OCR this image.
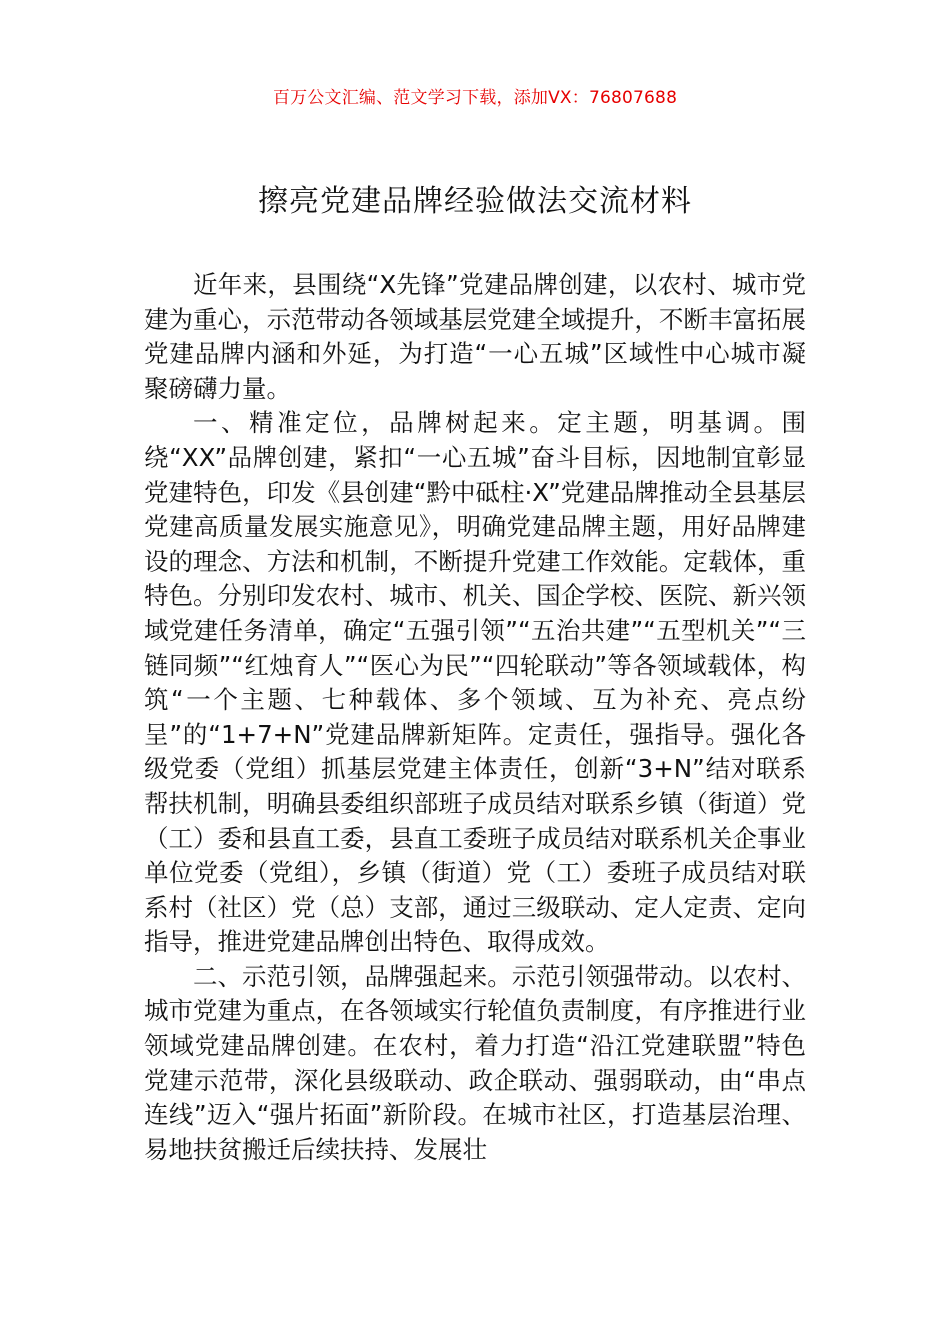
百万公文汇编、范文学习下载，添加VX：76807688
擦亮党建品牌经验做法交流材料

近年来，县围绕“X先锋”党建品牌创建，以农村、城市党建为重心，示范带动各领域基层党建全域提升，不断丰富拓展党建品牌内涵和外延，为打造“一心五城”区域性中心城市凝聚磅礴力量。

一、精准定位，品牌树起来。定主题，明基调。围绕“XX”品牌创建，紧扣“一心五城”奋斗目标，因地制宜彰显党建特色，印发《县创建“黔中砥柱·X”党建品牌推动全县基层党建高质量发展实施意见》，明确党建品牌主题，用好品牌建设的理念、方法和机制，不断提升党建工作效能。定载体，重特色。分别印发农村、城市、机关、国企学校、医院、新兴领域党建任务清单，确定“五强引领”“五治共建”“五型机关”“三链同频”“红烛育人”“医心为民”“四轮联动”等各领域载体，构筑“一个主题、七种载体、多个领域、互为补充、亮点纷呈”的“1+7+N”党建品牌新矩阵。定责任，强指导。强化各级党委（党组）抓基层党建主体责任，创新“3+N”结对联系帮扶机制，明确县委组织部班子成员结对联系乡镇（街道）党（工）委和县直工委，县直工委班子成员结对联系机关企事业单位党委（党组），乡镇（街道）党（工）委班子成员结对联系村（社区）党（总）支部，通过三级联动、定人定责、定向指导，推进党建品牌创出特色、取得成效。

二、示范引领，品牌强起来。示范引领强带动。以农村、城市党建为重点，在各领域实行轮值负责制度，有序推进行业领域党建品牌创建。在农村，着力打造“沿江党建联盟”特色党建示范带，深化县级联动、政企联动、强弱联动，由“串点连线”迈入“强片拓面”新阶段。在城市社区，打造基层治理、易地扶贫搬迁后续扶持、发展壮
